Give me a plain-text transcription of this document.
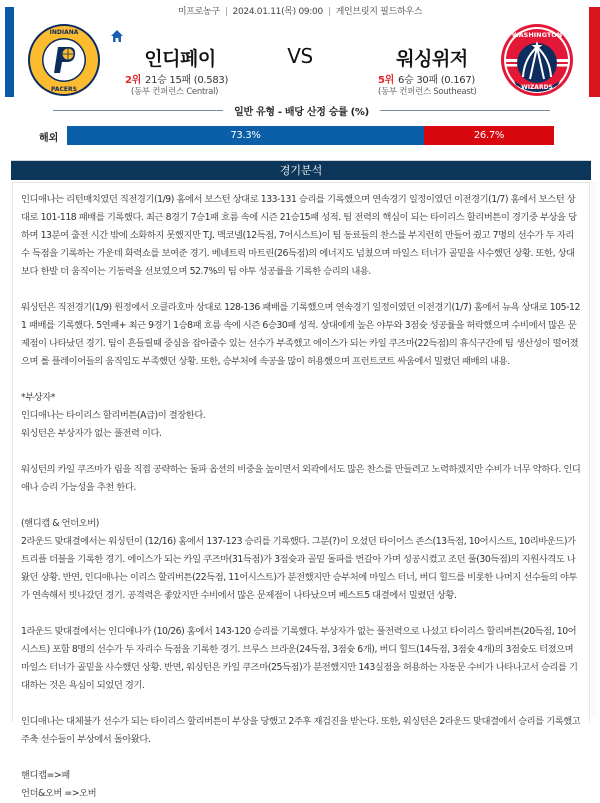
미프로농구 | 2024.01.11(목) 09:00 | 게인브릿지 필드하우스
INDIANA
PACERS
인디페이	VS	워싱위저
2위 21승 15패 (0.583)
(동부 컨퍼런스 Central)
5위 6승 30패 (0.167)
(동부 컨퍼런스 Southeast)
WASHINGTON
WIZARDS
일반 유형 - 배당 산정 승률 (%)
해외	73.3%	26.7%
경기분석

인디애나는 리턴매치였던 직전경기(1/9) 홈에서 보스턴 상대로 133-131 승리를 기록했으며 연속경기 일정이였던 이전경기(1/7) 홈에서 보스턴 상대로 101-118 패배를 기록했다. 최근 8경기 7승1패 흐름 속에 시즌 21승15패 성적. 팀 전력의 핵심이 되는 타이리스 할리버튼이 경기중 부상을 당하며 13분여 출전 시간 밖에 소화하지 못했지만 T.J. 맥코넬(12득점, 7어시스트)이 팀 동료들의 찬스를 부지런히 만들어 줬고 7명의 선수가 두 자리수 득점을 기록하는 가운데 화력쇼를 보여준 경기. 베네트릭 마트린(26득점)의 에너지도 넘쳤으며 마일스 터너가 골밑을 사수했던 상황. 또한, 상대 보다 한발 더 움직이는 기동력을 선보였으며 52.7%의 팀 야투 성공률을 기록한 승리의 내용.

워싱턴은 직전경기(1/9) 원정에서 오클라호마 상대로 128-136 패배를 기록했으며 연속경기 일정이였던 이전경기(1/7) 홈에서 뉴욕 상대로 105-121 패배를 기록했다. 5연패+ 최근 9경기 1승8패 흐름 속에 시즌 6승30패 성적. 상대에게 높은 야투와 3점슛 성공률을 허락했으며 수비에서 많은 문제점이 나타났던 경기. 팀이 흔들릴때 중심을 잡아줄수 있는 선수가 부족했고 에이스가 되는 카일 쿠즈마(22득점)의 휴식구간에 팀 생산성이 떨어졌으며 롤 플레이어들의 움직임도 부족했던 상황. 또한, 승부처에 속공을 많이 허용했으며 프런트코트 싸움에서 밀렸던 패배의 내용.

*부상자*

인디애나는 타이리스 할리버튼(A급)이 결장한다.

워싱턴은 부상자가 없는 풀전력 이다.

워싱턴의 카일 쿠즈마가 림을 직접 공략하는 돌파 옵션의 비중을 높이면서 외곽에서도 많은 찬스를 만들려고 노력하겠지만 수비가 너무 약하다. 인디애나 승리 가능성을 추천 한다.

(핸디캡 & 언더오버)

2라운드 맞대결에서는 워싱턴이 (12/16) 홈에서 137-123 승리를 기록했다. 그분(?)이 오셨던 타이어스 존스(13득점, 10어시스트, 10리바운드)가 트리플 더블을 기록한 경기. 에이스가 되는 카일 쿠즈마(31득점)가 3점슛과 골밑 돌파를 번갈아 가며 성공시켰고 조던 풀(30득점)의 지원사격도 나왔던 상황. 반면, 인디애나는 이리스 할리버튼(22득점, 11어시스트)가 분전했지만 승부처에 마일스 터너, 버디 힐드를 비롯한 나머지 선수들의 야투가 연속해서 빗나갔던 경기. 공격력은 좋았지만 수비에서 많은 문제점이 나타났으며 베스트5 대결에서 밀렸던 상황.

1라운드 맞대결에서는 인디애나가 (10/26) 홈에서 143-120 승리를 기록했다. 부상자가 없는 풀전력으로 나섰고 타이리스 할리버튼(20득점, 10어시스트) 포함 8명의 선수가 두 자리수 득점을 기록한 경기. 브루스 브라운(24득점, 3점슛 6개), 버디 힐드(14득점, 3점슛 4개)의 3점슛도 터졌으며 마일스 터너가 골밑을 사수했던 상황. 반면, 워싱턴은 카일 쿠즈마(25득점)가 분전했지만 143실점을 허용하는 자동문 수비가 나타나고서 승리를 기대하는 것은 욕심이 되었던 경기.

인디애나는 대체불가 선수가 되는 타이리스 할리버튼이 부상을 당했고 2주후 재검진을 받는다. 또한, 워싱턴은 2라운드 맞대결에서 승리를 기록했고 주축 선수들이 부상에서 돌아왔다.

핸디캡=>패

언더&오버 =>오버
